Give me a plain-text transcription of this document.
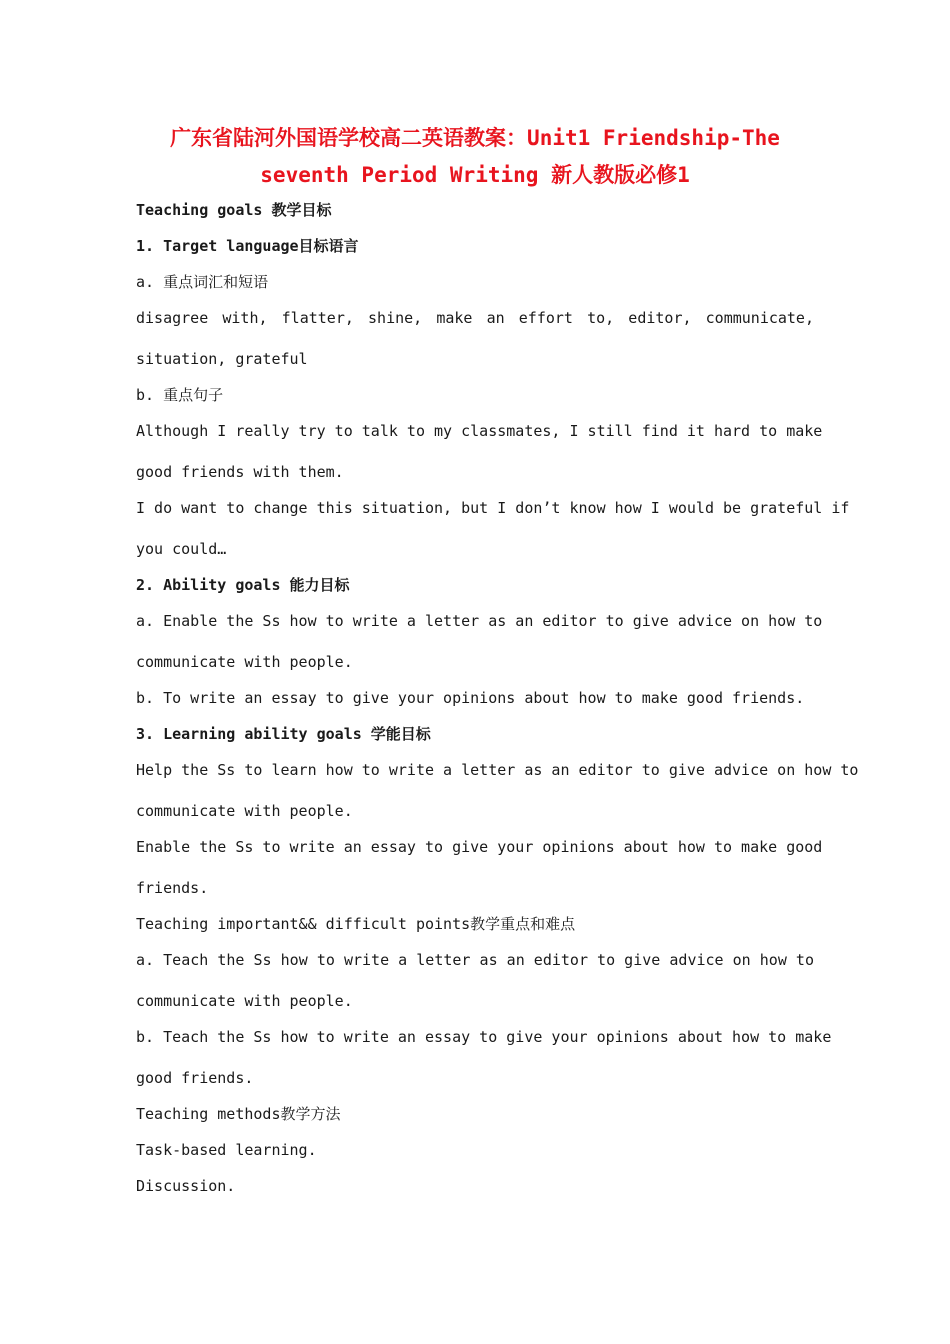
广东省陆河外国语学校高二英语教案：Unit1 Friendship-The
seventh Period Writing 新人教版必修1
Teaching goals 教学目标
1. Target language目标语言
a. 重点词汇和短语
disagree with, flatter, shine, make an effort to, editor, communicate,
situation, grateful
b. 重点句子
Although I really try to talk to my classmates, I still find it hard to make
good friends with them.
I do want to change this situation, but I don’t know how I would be grateful if
you could…
2. Ability goals 能力目标
a. Enable the Ss how to write a letter as an editor to give advice on how to
communicate with people.
b. To write an essay to give your opinions about how to make good friends.
3. Learning ability goals 学能目标
Help the Ss to learn how to write a letter as an editor to give advice on how to
communicate with people.
Enable the Ss to write an essay to give your opinions about how to make good
friends.
Teaching important&& difficult points教学重点和难点
a. Teach the Ss how to write a letter as an editor to give advice on how to
communicate with people.
b. Teach the Ss how to write an essay to give your opinions about how to make
good friends.
Teaching methods教学方法
Task-based learning.
Discussion.
